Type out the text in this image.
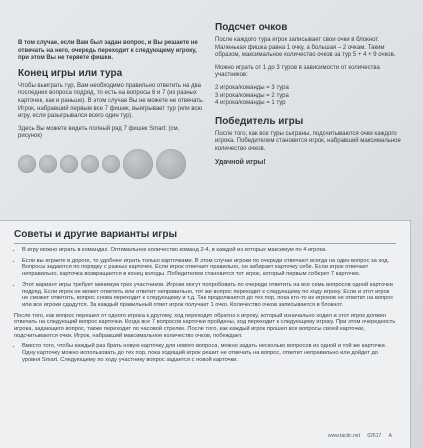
В том случае, если Вам был задан вопрос, и Вы решаете не отвечать на него, очередь переходит к следующему игроку, при этом Вы не теряете фишки.

Конец игры или тура

Чтобы выиграть тур, Вам необходимо правильно ответить на два последних вопроса подряд, то есть на вопросы 6 и 7 (из разных карточек, как и раньше). В этом случае Вы не можете не отвечать. Игрок, набравший первым все 7 фишек, выигрывает тур (или всю игру, если разыгрывался всего один тур).

Здесь Вы можете видеть полный ряд 7 фишек Smart: (см. рисунок)

Подсчет очков

После каждого тура игрок записывает свои очки в блокнот. Маленькая фишка равна 1 очку, а большая – 2 очкам. Таким образом, максимальное количество очков за тур 5 + 4 + 9 очков.

Можно играть от 1 до 3 туров в зависимости от количества участников:

2 игрока/команды = 3 тура
3 игрока/команды = 2 тура
4 игрока/команды = 1 тур
Победитель игры

После того, как все туры сыграны, подсчитываются очки каждого игрока. Победителем становится игрок, набравший максимальное количество очков.

Удачной игры!
Советы и другие варианты игры
• В игру можно играть в командах. Оптимальное количество команд 2-4, в каждой из которых максимум по 4 игрока.
• Если вы играете в дороге, то удобнее играть только карточками. В этом случае игроки по очереди отвечают всегда на один вопрос за ход. Вопросы задаются по порядку с разных карточек. Если игрок отвечает правильно, он забирает карточку себе. Если игрок отвечает неправильно, карточка возвращается в конец колоды. Победителем становится тот игрок, который первым соберет 7 карточек.
• Этот вариант игры требует минимум трех участников. Игроки могут попробовать по очереди ответить на все семь вопросов одной карточки подряд. Если игрок не может ответить или ответит неправильно, тот же вопрос переходит к следующему по ходу игроку. Если и этот игрок не сможет ответить, вопрос снова переходит к следующему и т.д. Так продолжается до тех пор, пока кто-то из игроков не ответит на вопрос или все игроки сдадутся. За каждый правильный ответ игрок получает 1 очко. Количество очков записывается в блокнот.

После того, как вопрос перешел от одного игрока к другому, ход переходит обратно к игроку, который изначально ходил и этот игрок должен отвечать на следующий вопрос карточки. Когда все 7 вопросов карточки пройдены, ход переходит к следующему игроку. При этом очередность игрока, задающего вопрос, также переходит по часовой стрелке. После того, как каждый игрок прошел все вопросы своей карточки, подсчитываются очки. Игрок, набравший максимальное количество очков, побеждает.

• Вместо того, чтобы каждый раз брать новую карточку для нового вопроса, можно задать несколько вопросов из одной и той же карточки. Одну карточку можно использовать до тех пор, пока ходящий игрок решит не отвечать на вопрос, ответит неправильно или дойдет до уровня Smart. Следующему по ходу участнику вопрос задается с новой карточки.
www.tactic.net 02617 A
